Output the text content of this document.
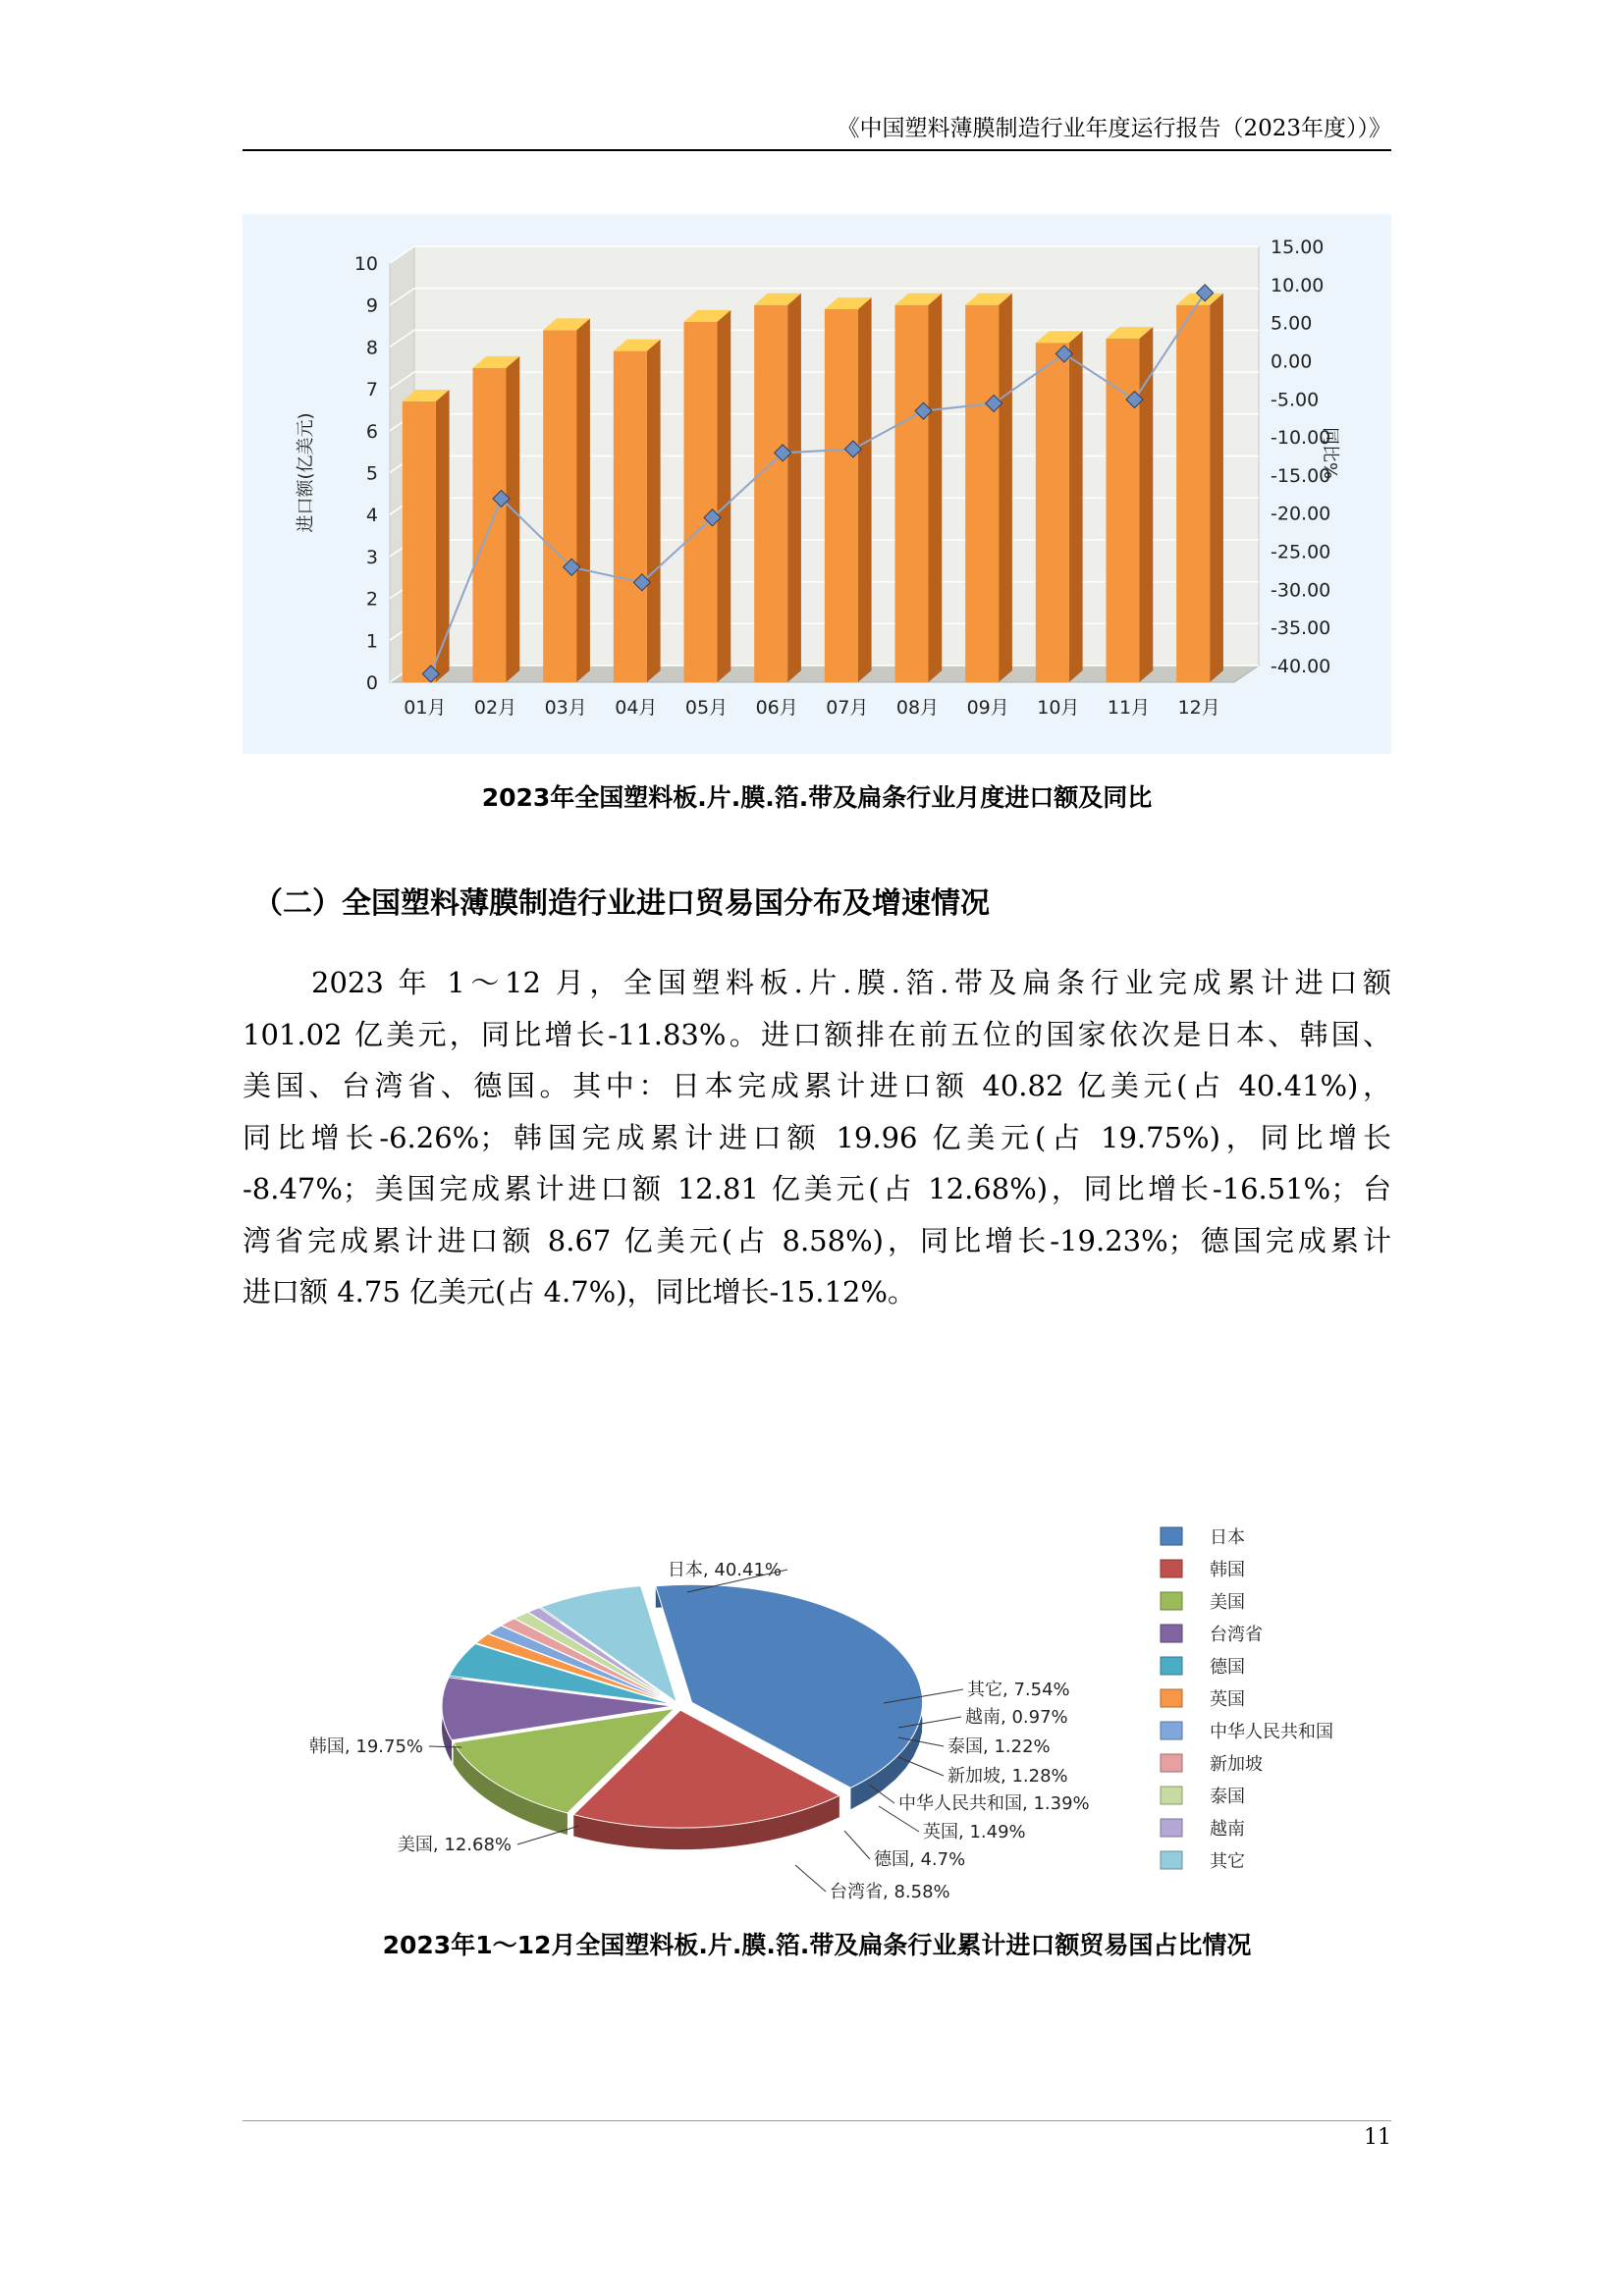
《中国塑料薄膜制造行业年度运行报告（2023年度））》
0
1
2
3
4
5
6
7
8
9
10
-40.00
-35.00
-30.00
-25.00
-20.00
-15.00
-10.00
-5.00
0.00
5.00
10.00
15.00
进口额(亿美元)	同比%
01月 02月 03月 04月 05月 06月 07月 08月 09月 10月 11月 12月
2023年全国塑料板.片.膜.箔.带及扁条行业月度进口额及同比
（二）全国塑料薄膜制造行业进口贸易国分布及增速情况
2023 年 1～12 月，全国塑料板.片.膜.箔.带及扁条行业完成累计进口额
101.02 亿美元，同比增长-11.83%。进口额排在前五位的国家依次是日本、韩国、
美国、台湾省、德国。其中：日本完成累计进口额 40.82 亿美元(占 40.41%)，
同比增长-6.26%；韩国完成累计进口额 19.96 亿美元(占 19.75%)，同比增长
-8.47%；美国完成累计进口额 12.81 亿美元(占 12.68%)，同比增长-16.51%；台
湾省完成累计进口额 8.67 亿美元(占 8.58%)，同比增长-19.23%；德国完成累计
进口额 4.75 亿美元(占 4.7%)，同比增长-15.12%。
日本, 40.41%
韩国, 19.75%
美国, 12.68%
台湾省, 8.58%
德国, 4.7%
英国, 1.49%
中华人民共和国, 1.39%
新加坡, 1.28%
泰国, 1.22%
越南, 0.97%
其它, 7.54%
日本
韩国
美国
台湾省
德国
英国
中华人民共和国
新加坡
泰国
越南
其它
2023年1～12月全国塑料板.片.膜.箔.带及扁条行业累计进口额贸易国占比情况
11
